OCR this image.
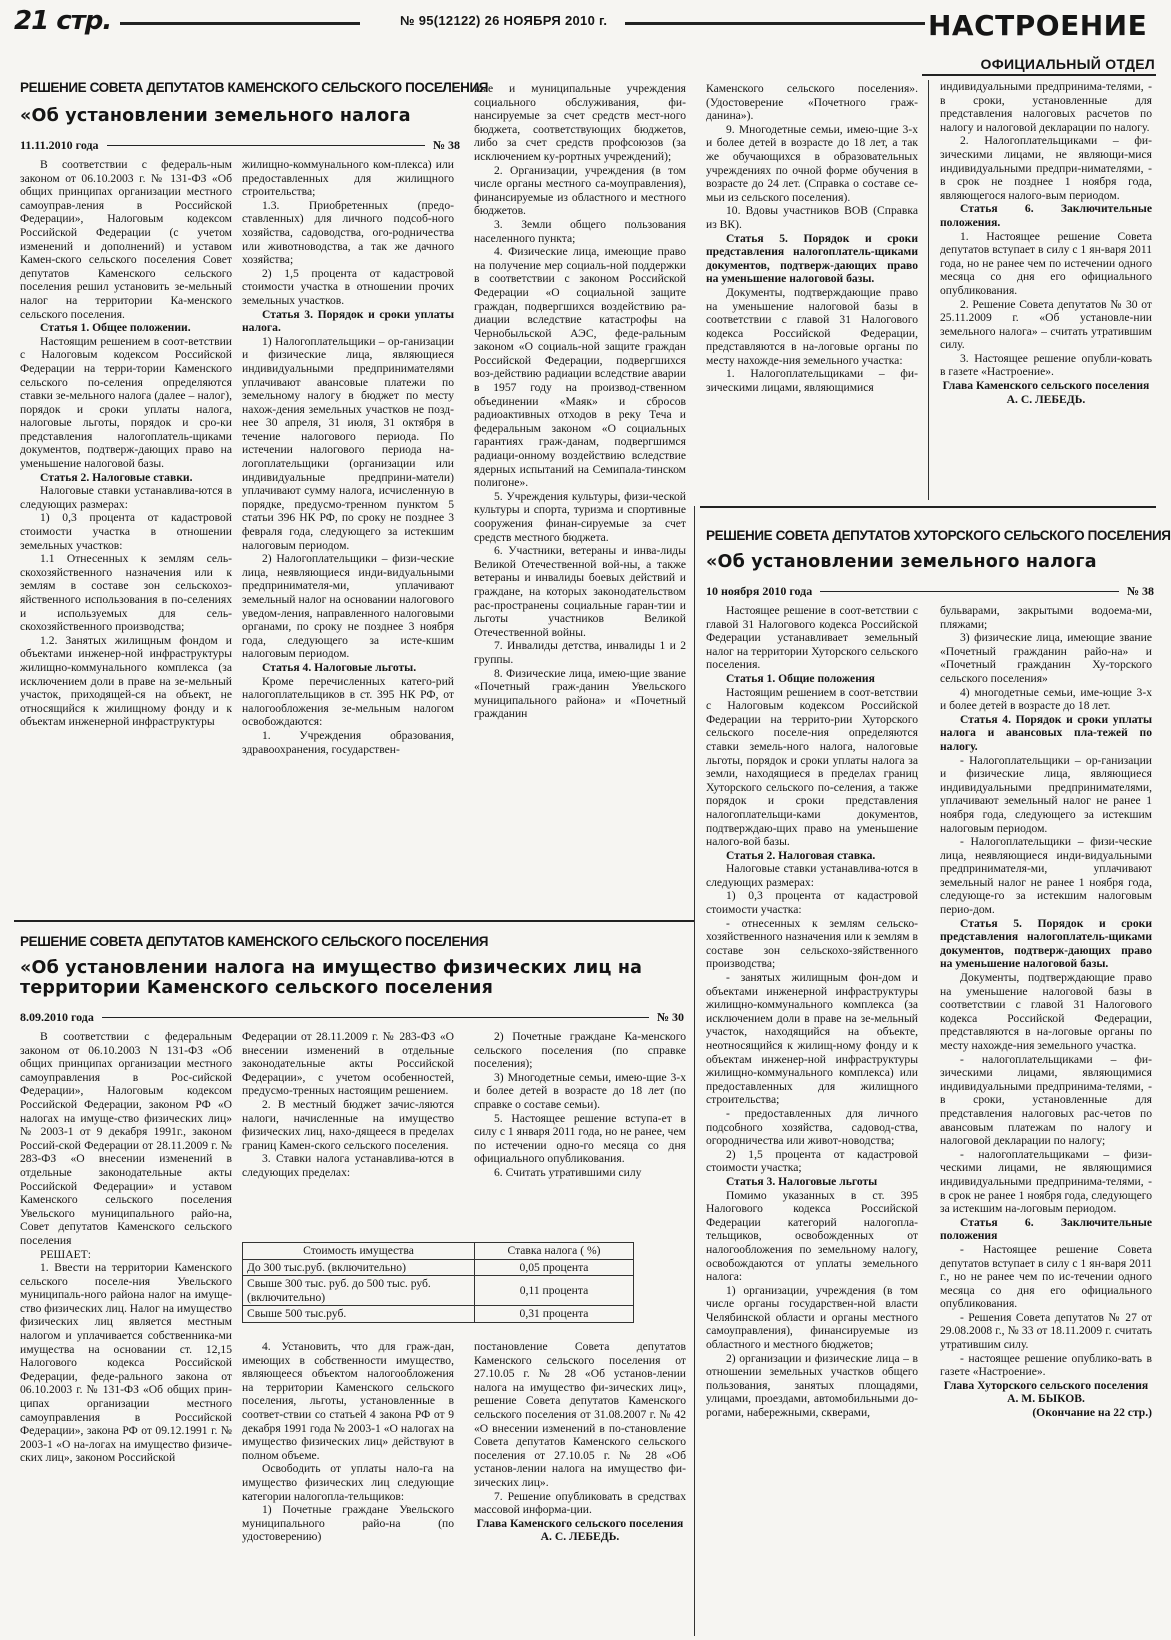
21 стр.	№ 95(12122) 26 НОЯБРЯ 2010 г.	НАСТРОЕНИЕ
ОФИЦИАЛЬНЫЙ ОТДЕЛ
РЕШЕНИЕ СОВЕТА ДЕПУТАТОВ КАМЕНСКОГО СЕЛЬСКОГО ПОСЕЛЕНИЯ
«Об установлении земельного налога
11.11.2010 года	№ 38

В соответствии с федераль-ным законом от 06.10.2003 г. № 131-ФЗ «Об общих принципах организации местного самоуправ-ления в Российской Федерации», Налоговым кодексом Российской Федерации (с учетом изменений и дополнений) и уставом Камен-ского сельского поселения Совет депутатов Каменского сельского поселения решил установить зе-мельный налог на территории Ка-менского сельского поселения.

Статья 1. Общее положении.

Настоящим решением в соот-ветствии с Налоговым кодексом Российской Федерации на терри-тории Каменского сельского по-селения определяются ставки зе-мельного налога (далее – налог), порядок и сроки уплаты налога, налоговые льготы, порядок и сро-ки представления налогоплатель-щиками документов, подтверж-дающих право на уменьшение налоговой базы.

Статья 2. Налоговые ставки.

Налоговые ставки устанавлива-ются в следующих размерах:

1) 0,3 процента от кадастровой стоимости участка в отношении земельных участков:

1.1 Отнесенных к землям сель-скохозяйственного назначения или к землям в составе зон сельскохоз-яйственного использования в по-селениях и используемых для сель-скохозяйственного производства;

1.2. Занятых жилищным фондом и объектами инженер-ной инфраструктуры жилищно-коммунального комплекса (за исключением доли в праве на зе-мельный участок, приходящей-ся на объект, не относящийся к жилищному фонду и к объектам инженерной инфраструктуры

жилищно-коммунального ком-плекса) или предоставленных для жилищного строительства;

1.3. Приобретенных (предо-ставленных) для личного подсоб-ного хозяйства, садоводства, ого-родничества или животноводства, а так же дачного хозяйства;

2) 1,5 процента от кадастровой стоимости участка в отношении прочих земельных участков.

Статья 3. Порядок и сроки уплаты налога.

1) Налогоплательщики – ор-ганизации и физические лица, являющиеся индивидуальными предпринимателями уплачивают авансовые платежи по земельному налогу в бюджет по месту нахож-дения земельных участков не позд-нее 30 апреля, 31 июля, 31 октября в течение налогового периода. По истечении налогового периода на-логоплательщики (организации или индивидуальные предприни-матели) уплачивают сумму налога, исчисленную в порядке, предусмо-тренном пунктом 5 статьи 396 НК РФ, по сроку не позднее 3 февраля года, следующего за истекшим налоговым периодом.

2) Налогоплательщики – физи-ческие лица, неявляющиеся инди-видуальными предпринимателя-ми, уплачивают земельный налог на основании налогового уведом-ления, направленного налоговыми органами, по сроку не позднее 3 ноября года, следующего за исте-кшим налоговым периодом.

Статья 4. Налоговые льготы.

Кроме перечисленных катего-рий налогоплательщиков в ст. 395 НК РФ, от налогообложения зе-мельным налогом освобождаются:

1. Учреждения образования, здравоохранения, государствен-

ные и муниципальные учреждения социального обслуживания, фи-нансируемые за счет средств мест-ного бюджета, соответствующих бюджетов, либо за счет средств профсоюзов (за исключением ку-рортных учреждений);

2. Организации, учреждения (в том числе органы местного са-моуправления), финансируемые из областного и местного бюджетов.

3. Земли общего пользования населенного пункта;

4. Физические лица, имеющие право на получение мер социаль-ной поддержки в соответствии с законом Российской Федерации «О социальной защите граждан, подвергшихся воздействию ра-диации вследствие катастрофы на Чернобыльской АЭС, феде-ральным законом «О социаль-ной защите граждан Российской Федерации, подвергшихся воз-действию радиации вследствие аварии в 1957 году на производ-ственном объединении «Маяк» и сбросов радиоактивных отходов в реку Теча и федеральным законом «О социальных гарантиях граж-данам, подвергшимся радиаци-онному воздействию вследствие ядерных испытаний на Семипала-тинском полигоне».

5. Учреждения культуры, физи-ческой культуры и спорта, туризма и спортивные сооружения финан-сируемые за счет средств местного бюджета.

6. Участники, ветераны и инва-лиды Великой Отечественной вой-ны, а также ветераны и инвалиды боевых действий и граждане, на которых законодательством рас-пространены социальные гаран-тии и льготы участников Великой Отечественной войны.

7. Инвалиды детства, инвалиды 1 и 2 группы.

8. Физические лица, имею-щие звание «Почетный граж-данин Увельского муниципального района» и «Почетный гражданин

Каменского сельского поселения». (Удостоверение «Почетного граж-данина»).

9. Многодетные семьи, имею-щие 3-х и более детей в возрасте до 18 лет, а так же обучающихся в образовательных учреждениях по очной форме обучения в возрасте до 24 лет. (Справка о составе се-мьи из сельского поселения).

10. Вдовы участников ВОВ (Справка из ВК).

Статья 5. Порядок и сроки представления налогоплатель-щиками документов, подтверж-дающих право на уменьшение налоговой базы.

Документы, подтверждающие право на уменьшение налоговой базы в соответствии с главой 31 Налогового кодекса Российской Федерации, представляются в на-логовые органы по месту нахожде-ния земельного участка:

1. Налогоплательщиками – фи-зическими лицами, являющимися

индивидуальными предпринима-телями, - в сроки, установленные для представления налоговых расчетов по налогу и налоговой декларации по налогу.

2. Налогоплательщиками – фи-зическими лицами, не являющи-мися индивидуальными предпри-нимателями, - в срок не позднее 1 ноября года, являющегося налого-вым периодом.

Статья 6. Заключительные положения.

1. Настоящее решение Совета депутатов вступает в силу с 1 ян-варя 2011 года, но не ранее чем по истечении одного месяца со дня его официального опубликования.

2. Решение Совета депутатов № 30 от 25.11.2009 г. «Об установле-нии земельного налога» – считать утратившим силу.

3. Настоящее решение опубли-ковать в газете «Настроение».

Глава Каменского сельского поселения А. С. ЛЕБЕДЬ.

РЕШЕНИЕ СОВЕТА ДЕПУТАТОВ ХУТОРСКОГО СЕЛЬСКОГО ПОСЕЛЕНИЯ
«Об установлении земельного налога
10 ноября 2010 года	№ 38

Настоящее решение в соот-ветствии с главой 31 Налогового кодекса Российской Федерации устанавливает земельный налог на территории Хуторского сельского поселения.

Статья 1. Общие положения

Настоящим решением в соот-ветствии с Налоговым кодексом Российской Федерации на террито-рии Хуторского сельского поселе-ния определяются ставки земель-ного налога, налоговые льготы, порядок и сроки уплаты налога за земли, находящиеся в пределах границ Хуторского сельского по-селения, а также порядок и сроки представления налогоплательщи-ками документов, подтверждаю-щих право на уменьшение налого-вой базы.

Статья 2. Налоговая ставка.

Налоговые ставки устанавлива-ются в следующих размерах:

1) 0,3 процента от кадастровой стоимости участка:

- отнесенных к землям сельско-хозяйственного назначения или к землям в составе зон сельскохо-зяйственного производства;

- занятых жилищным фон-дом и объектами инженерной инфраструктуры жилищно-коммунального комплекса (за исключением доли в праве на зе-мельный участок, находящийся на объекте, неотносящийся к жилищ-ному фонду и к объектам инженер-ной инфраструктуры жилищно-коммунального комплекса) или предоставленных для жилищного строительства;

- предоставленных для личного подсобного хозяйства, садовод-ства, огородничества или живот-новодства;

2) 1,5 процента от кадастровой стоимости участка;

Статья 3. Налоговые льготы

Помимо указанных в ст. 395 Налогового кодекса Российской Федерации категорий налогопла-тельщиков, освобожденных от налогообложения по земельному налогу, освобождаются от уплаты земельного налога:

1) организации, учреждения (в том числе органы государствен-ной власти Челябинской области и органы местного самоуправления), финансируемые из областного и местного бюджетов;

2) организации и физические лица – в отношении земельных участков общего пользования, занятых площадями, улицами, проездами, автомобильными до-рогами, набережными, скверами,

бульварами, закрытыми водоема-ми, пляжами;

3) физические лица, имеющие звание «Почетный гражданин райо-на» и «Почетный гражданин Ху-торского сельского поселения»

4) многодетные семьи, име-ющие 3-х и более детей в возрасте до 18 лет.

Статья 4. Порядок и сроки уплаты налога и авансовых пла-тежей по налогу.

- Налогоплательщики – ор-ганизации и физические лица, являющиеся индивидуальными предпринимателями, уплачивают земельный налог не ранее 1 ноября года, следующего за истекшим налоговым периодом.

- Налогоплательщики – физи-ческие лица, неявляющиеся инди-видуальными предпринимателя-ми, уплачивают земельный налог не ранее 1 ноября года, следующе-го за истекшим налоговым перио-дом.

Статья 5. Порядок и сроки представления налогоплатель-щиками документов, подтверж-дающих право на уменьшение налоговой базы.

Документы, подтверждающие право на уменьшение налоговой базы в соответствии с главой 31 Налогового кодекса Российской Федерации, представляются в на-логовые органы по месту нахожде-ния земельного участка.

- налогоплательщиками – фи-зическими лицами, являющимися индивидуальными предпринима-телями, - в сроки, установленные для представления налоговых рас-четов по авансовым платежам по налогу и налоговой декларации по налогу;

- налогоплательщиками – физи-ческими лицами, не являющимися индивидуальными предпринима-телями, - в срок не ранее 1 ноября года, следующего за истекшим на-логовым периодом.

Статья 6. Заключительные положения

- Настоящее решение Совета депутатов вступает в силу с 1 ян-варя 2011 г., но не ранее чем по ис-течении одного месяца со дня его официального опубликования.

- Решения Совета депутатов № 27 от 29.08.2008 г., № 33 от 18.11.2009 г. считать утратившим силу.

- настоящее решение опублико-вать в газете «Настроение».

Глава Хуторского сельского поселения А. М. БЫКОВ.

(Окончание на 22 стр.)

РЕШЕНИЕ СОВЕТА ДЕПУТАТОВ КАМЕНСКОГО СЕЛЬСКОГО ПОСЕЛЕНИЯ
«Об установлении налога на имущество физических лиц на территории Каменского сельского поселения
8.09.2010 года	№ 30

В соответствии с федеральным законом от 06.10.2003 N 131-ФЗ «Об общих принципах организации местного самоуправления в Рос-сийской Федерации», Налоговым кодексом Российской Федерации, законом РФ «О налогах на имуще-ство физических лиц» № 2003-1 от 9 декабря 1991г., законом Россий-ской Федерации от 28.11.2009 г. № 283-ФЗ «О внесении изменений в отдельные законодательные акты Российской Федерации» и уставом Каменского сельского поселения Увельского муниципального райо-на, Совет депутатов Каменского сельского поселения

РЕШАЕТ:

1. Ввести на территории Каменского сельского поселе-ния Увельского муниципаль-ного района налог на имуще-ство физических лиц. Налог на имущество физических лиц является местным налогом и уплачивается собственника-ми имущества на основании ст. 12,15 Налогового кодекса Российской Федерации, феде-рального закона от 06.10.2003 г. № 131-ФЗ «Об общих прин-ципах организации местного самоуправления в Российской Федерации», закона РФ от 09.12.1991 г. № 2003-1 «О на-логах на имущество физиче-ских лиц», законом Российской

Федерации от 28.11.2009 г. № 283-ФЗ «О внесении изменений в отдельные законодательные акты Российской Федерации», с учетом особенностей, предусмо-тренных настоящим решением.

2. В местный бюджет зачис-ляются налоги, начисленные на имущество физических лиц, нахо-дящееся в пределах границ Камен-ского сельского поселения.

3. Ставки налога устанавлива-ются в следующих пределах:

2) Почетные граждане Ка-менского сельского поселения (по справке поселения);

3) Многодетные семьи, имею-щие 3-х и более детей в возрасте до 18 лет (по справке о составе семьи).

5. Настоящее решение вступа-ет в силу с 1 января 2011 года, но не ранее, чем по истечении одно-го месяца со дня официального опубликования.

6. Считать утратившими силу

Стоимость имущества	Ставка налога ( %)
До 300 тыс.руб. (включительно)	0,05 процента
Свыше 300 тыс. руб. до 500 тыс. руб. (включительно)	0,11 процента
Свыше 500 тыс.руб.	0,31 процента

4. Установить, что для граж-дан, имеющих в собственности имущество, являющееся объектом налогообложения на территории Каменского сельского поселения, льготы, установленные в соответ-ствии со статьей 4 закона РФ от 9 декабря 1991 года № 2003-1 «О налогах на имущество физических лиц» действуют в полном объеме.

Освободить от уплаты нало-га на имущество физических лиц следующие категории налогопла-тельщиков:

1) Почетные граждане Увельского муниципального райо-на (по удостоверению)

постановление Совета депутатов Каменского сельского поселения от 27.10.05 г. № 28 «Об установ-лении налога на имущество фи-зических лиц», решение Совета депутатов Каменского сельского поселения от 31.08.2007 г. № 42 «О внесении изменений в по-становление Совета депутатов Каменского сельского поселения от 27.10.05 г. № 28 «Об установ-лении налога на имущество фи-зических лиц».

7. Решение опубликовать в средствах массовой информа-ции.

Глава Каменского сельского поселения А. С. ЛЕБЕДЬ.
